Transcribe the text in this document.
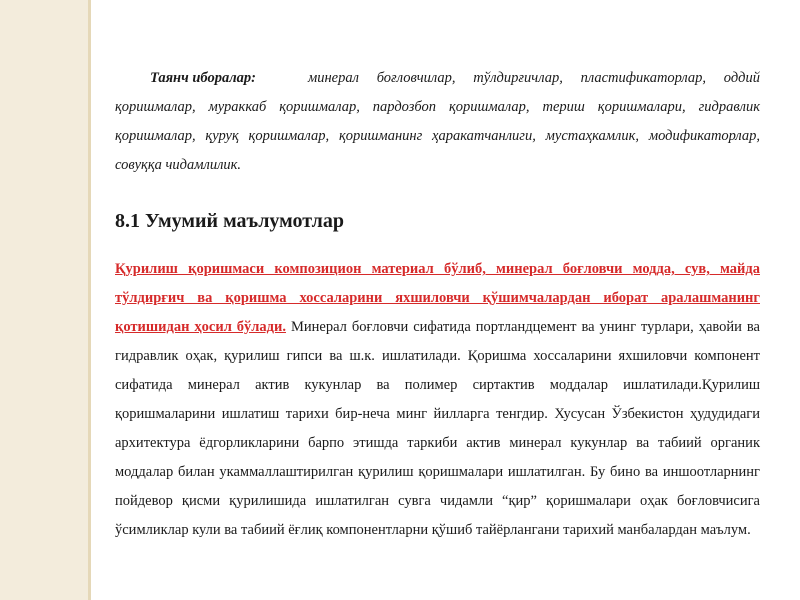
Таянч иборалар:	минерал боғловчилар, тўлдирғичлар, пластификаторлар, оддий қоришмалар, мураккаб қоришмалар, пардозбоп қоришмалар, териш қоришмалари, гидравлик қоришмалар, қуруқ қоришмалар, қоришманинг ҳаракатчанлиги, мустаҳкамлик, модификаторлар, совуққа чидамлилик.

8.1 Умумий маълумотлар

Қурилиш қоришмаси композицион материал бўлиб, минерал боғловчи модда, сув, майда тўлдирғич ва қоришма хоссаларини яхшиловчи қўшимчалардан иборат аралашманинг қотишидан ҳосил бўлади. Минерал боғловчи сифатида портландцемент ва унинг турлари, ҳавойи ва гидравлик оҳак, қурилиш гипси ва ш.к. ишлатилади. Қоришма хоссаларини яхшиловчи компонент сифатида минерал актив кукунлар ва полимер сиртактив моддалар ишлатилади.Қурилиш қоришмаларини ишлатиш тарихи бир-неча минг йилларга тенгдир. Хусусан Ўзбекистон ҳудудидаги архитектура ёдгорликларини барпо этишда таркиби актив минерал кукунлар ва табиий органик моддалар билан укаммаллаштирилган қурилиш қоришмалари ишлатилган. Бу бино ва иншоотларнинг пойдевор қисми қурилишида ишлатилган сувга чидамли “қир” қоришмалари оҳак боғловчисига ўсимликлар кули ва табиий ёғлиқ компонентларни қўшиб тайёрлангани тарихий манбалардан маълум.
